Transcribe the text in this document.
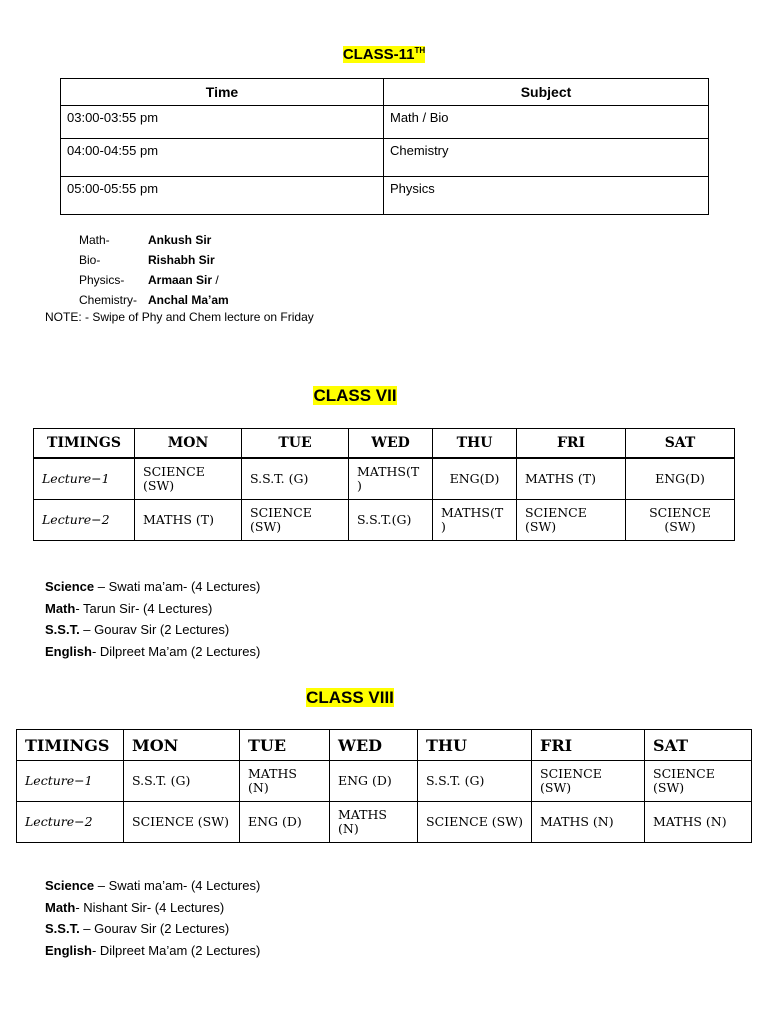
CLASS-11TH
Time	Subject
03:00-03:55 pm	Math / Bio
04:00-04:55 pm	Chemistry
05:00-05:55 pm	Physics
Math-	Ankush Sir
Bio-	Rishabh Sir
Physics- Armaan Sir /
Chemistry- Anchal Ma’am
NOTE: - Swipe of Phy and Chem lecture on Friday
CLASS VII
TIMINGS	MON	TUE	WED	THU	FRI	SAT
Lecture−1	SCIENCE (SW)	S.S.T. (G)	MATHS(T )	ENG(D)	MATHS (T)	ENG(D)
Lecture−2	MATHS (T)	SCIENCE (SW)	S.S.T.(G)	MATHS(T )	SCIENCE (SW)	SCIENCE (SW)
Science – Swati ma’am- (4 Lectures)
Math- Tarun Sir- (4 Lectures)
S.S.T. – Gourav Sir (2 Lectures)
English- Dilpreet Ma’am (2 Lectures)
CLASS VIII
TIMINGS	MON	TUE	WED	THU	FRI	SAT
Lecture−1	S.S.T. (G)	MATHS (N)	ENG (D)	S.S.T. (G)	SCIENCE (SW)	SCIENCE (SW)
Lecture−2	SCIENCE (SW)	ENG (D)	MATHS (N)	SCIENCE (SW)	MATHS (N)	MATHS (N)
Science – Swati ma’am- (4 Lectures)
Math- Nishant Sir- (4 Lectures)
S.S.T. – Gourav Sir (2 Lectures)
English- Dilpreet Ma’am (2 Lectures)
